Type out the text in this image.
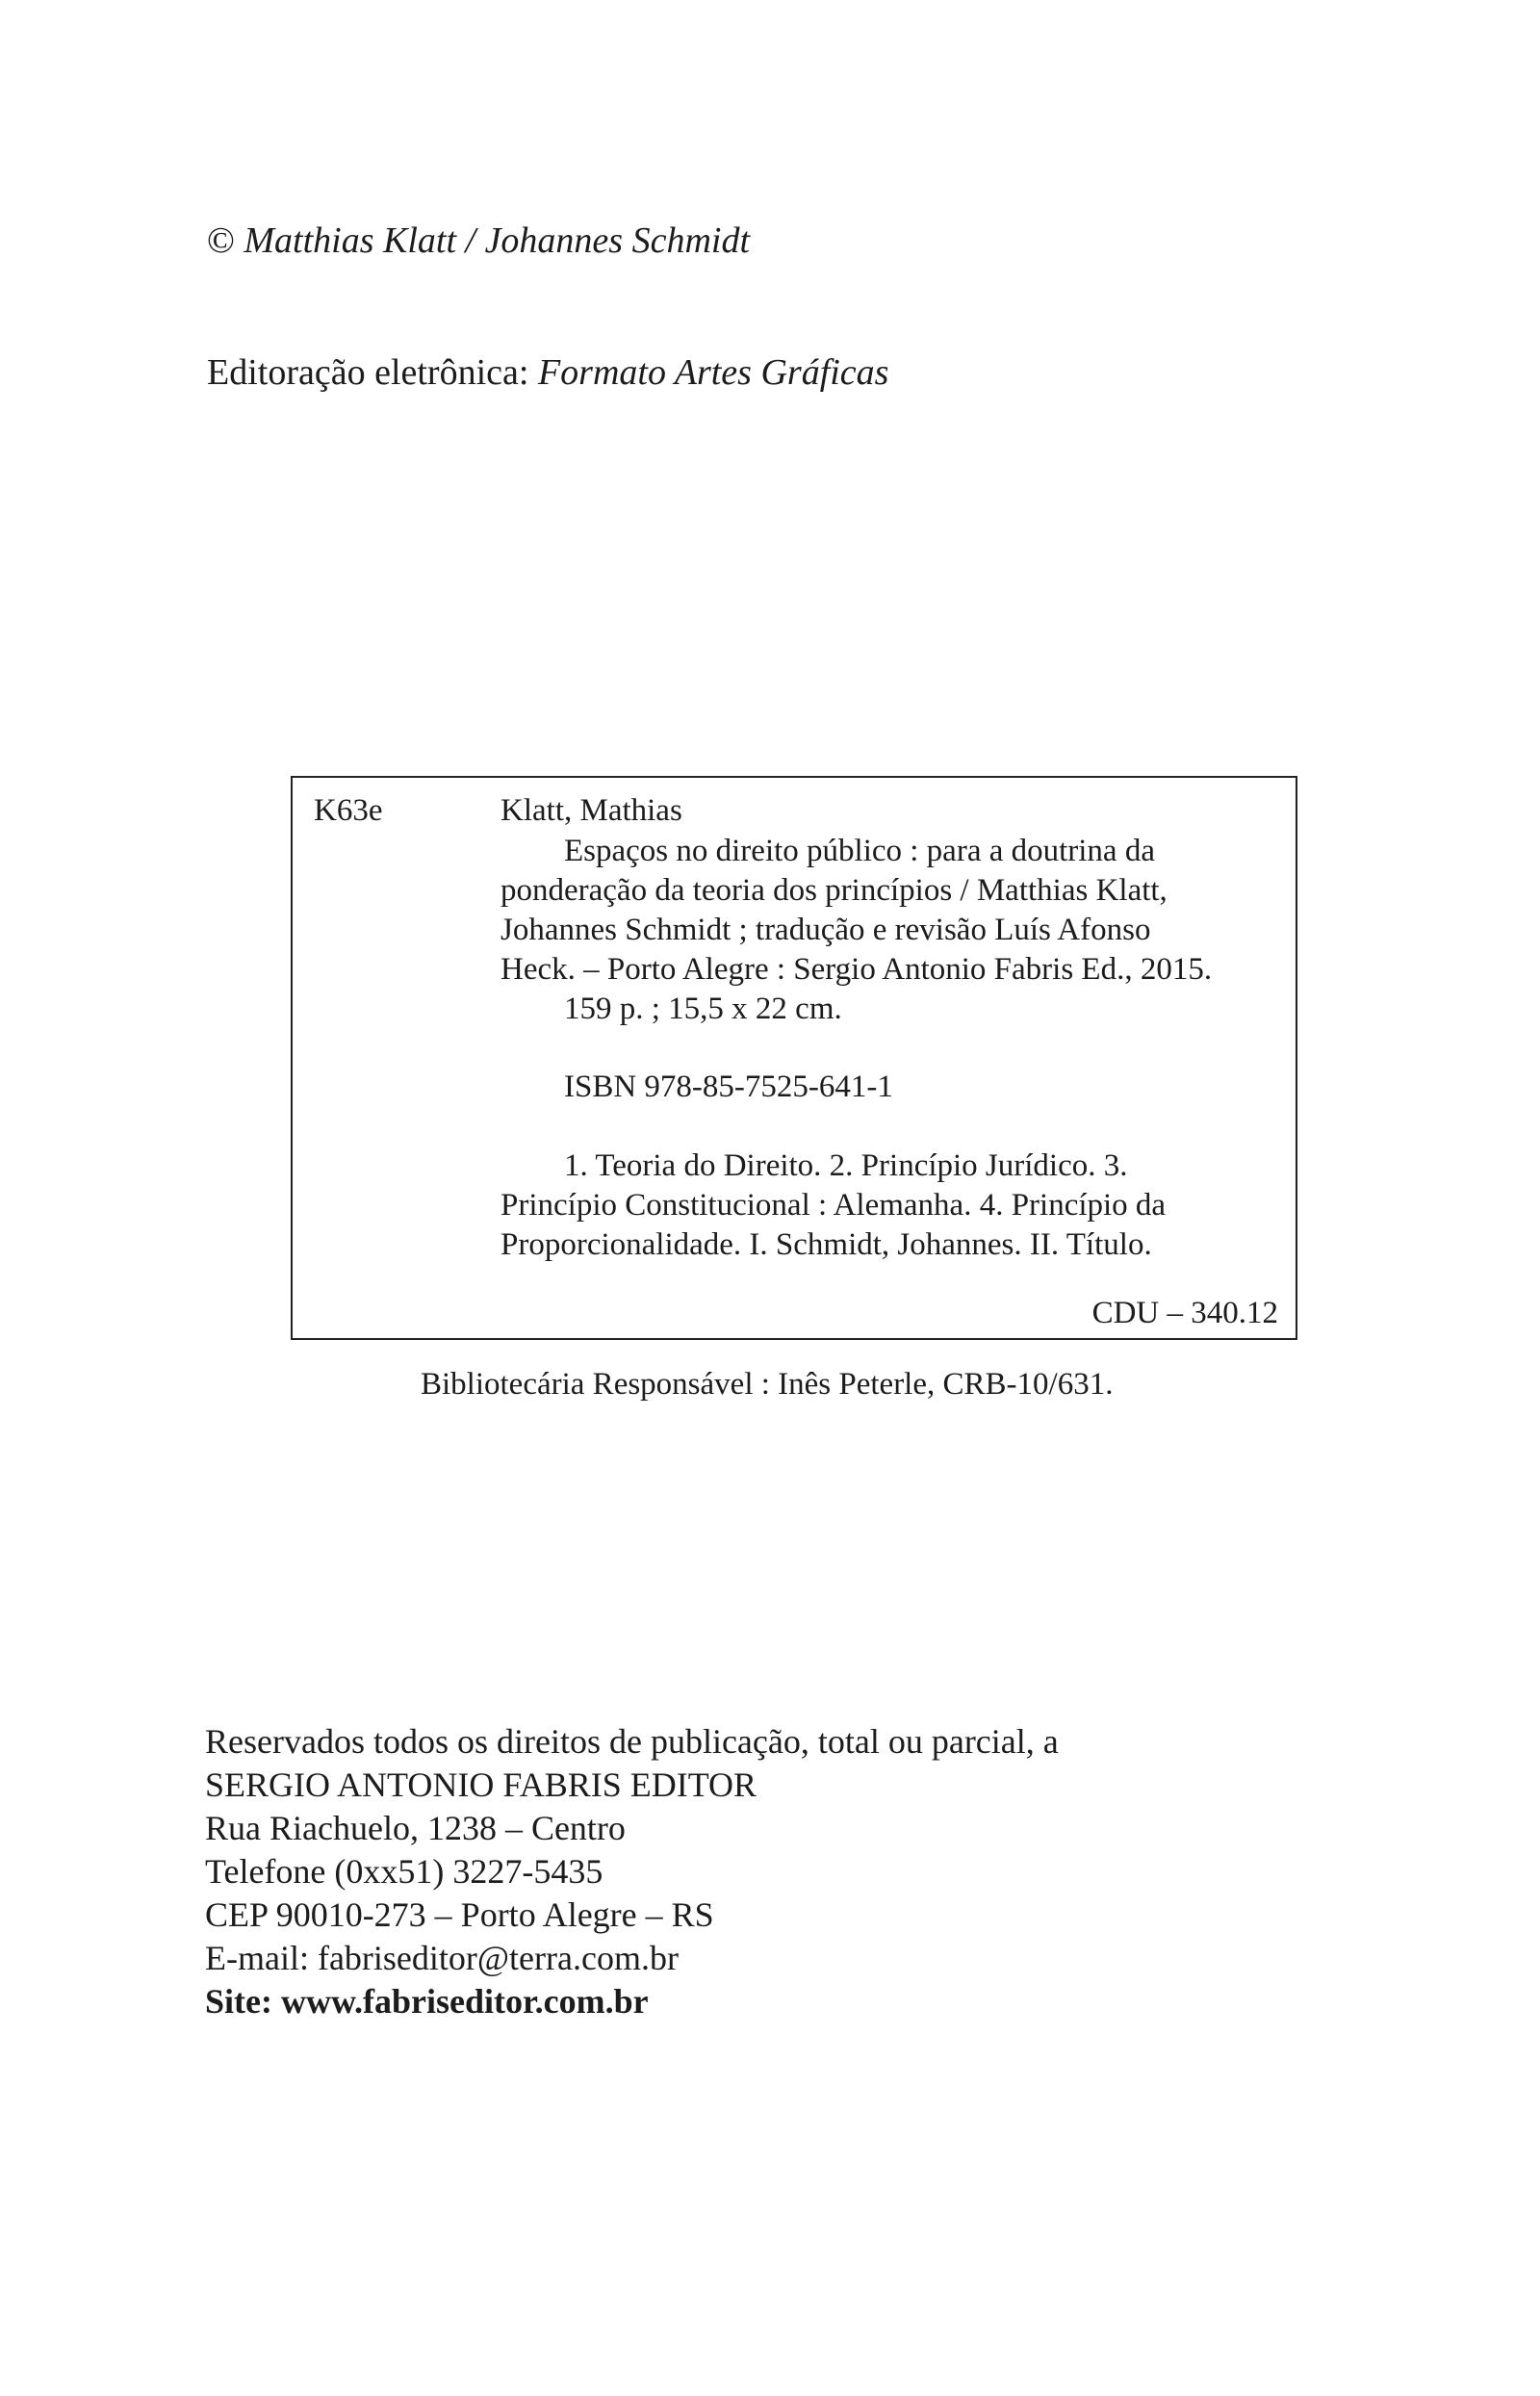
© Matthias Klatt / Johannes Schmidt
Editoração eletrônica: Formato Artes Gráficas
K63e	Klatt, Mathias
Espaços no direito público : para a doutrina da
ponderação da teoria dos princípios / Matthias Klatt,
Johannes Schmidt ; tradução e revisão Luís Afonso
Heck. – Porto Alegre : Sergio Antonio Fabris Ed., 2015.
159 p. ; 15,5 x 22 cm.
ISBN 978-85-7525-641-1
1. Teoria do Direito. 2. Princípio Jurídico. 3.
Princípio Constitucional : Alemanha. 4. Princípio da
Proporcionalidade. I. Schmidt, Johannes. II. Título.
CDU – 340.12
Bibliotecária Responsável : Inês Peterle, CRB-10/631.
Reservados todos os direitos de publicação, total ou parcial, a
SERGIO ANTONIO FABRIS EDITOR
Rua Riachuelo, 1238 – Centro
Telefone (0xx51) 3227-5435
CEP 90010-273 – Porto Alegre – RS
E-mail: fabriseditor@terra.com.br
Site: www.fabriseditor.com.br
